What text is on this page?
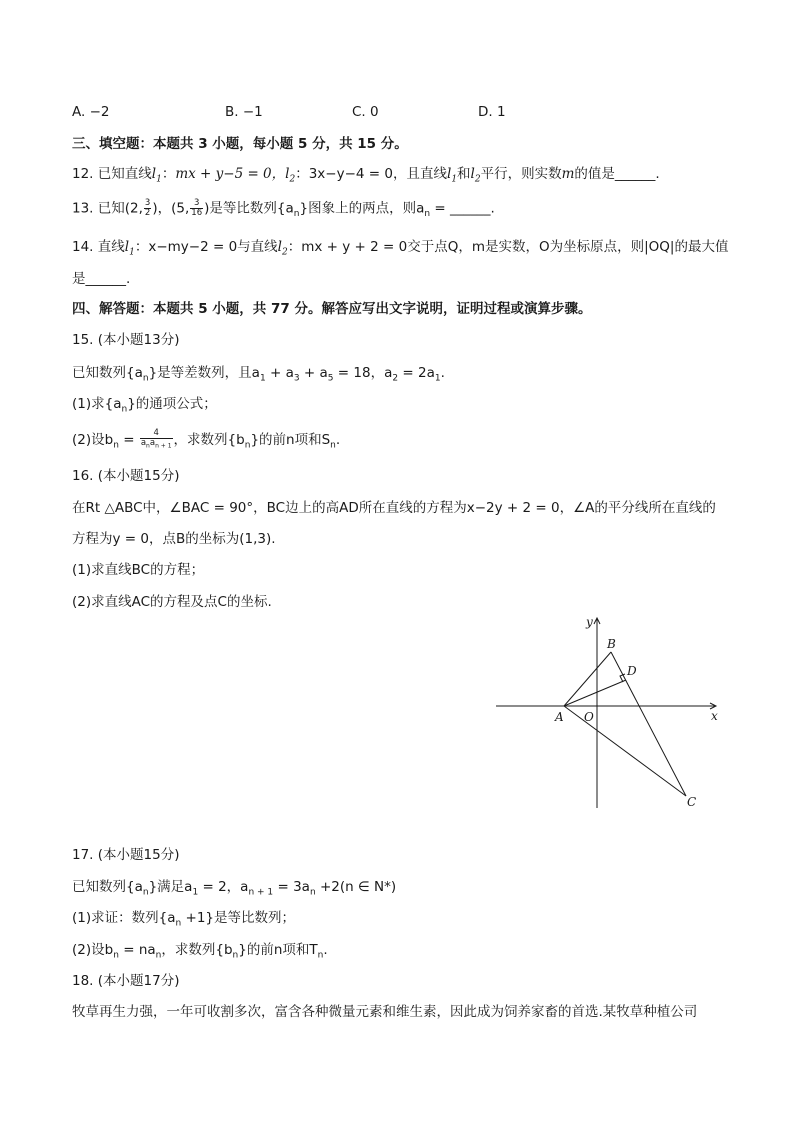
A. −2	B. −1	C. 0	D. 1
三、填空题：本题共 3 小题，每小题 5 分，共 15 分。
12. 已知直线$l_1$：mx + y−5 = 0，$l_2$：3x−y−4 = 0，且直线$l_1$和$l_2$平行，则实数m的值是______.
13. 已知(2, $\frac{3}{2}$ )，(5, $\frac{3}{16}$ )是等比数列$\{a_n\}$图象上的两点，则$a_n$ = ______.
14. 直线$l_1$：x−my−2 = 0与直线$l_2$：mx + y + 2 = 0交于点Q，m是实数，O为坐标原点，则|OQ|的最大值
是______.
四、解答题：本题共 5 小题，共 77 分。解答应写出文字说明，证明过程或演算步骤。
15. (本小题13分)
已知数列$\{a_n\}$是等差数列，且$a_1 + a_3 + a_5 = 18$，$a_2 = 2a_1$.
(1)求$\{a_n\}$的通项公式；
(2)设$b_n = \frac{4}{a_na_{n + 1}}$ ，求数列$\{b_n\}$的前n项和$S_n$.
16. (本小题15分)
在Rt △ABC中，∠BAC = 90°，BC边上的高AD所在直线的方程为x−2y + 2 = 0，∠A的平分线所在直线的
方程为y = 0，点B的坐标为(1,3).
(1)求直线BC的方程；
(2)求直线AC的方程及点C的坐标.
x
y
B
D
A O
C
17. (本小题15分)
已知数列$\{a_n\}$满足$a_1 = 2$，$a_{n + 1} = 3a_n +2(n$ ∈ N*)
(1)求证：数列$\{a_n +1\}$是等比数列；
(2)设$b_n = na_n$，求数列$\{b_n\}$的前n项和$T_n$.
18. (本小题17分)
牧草再生力强，一年可收割多次，富含各种微量元素和维生素，因此成为饲养家畜的首选.某牧草种植公司
